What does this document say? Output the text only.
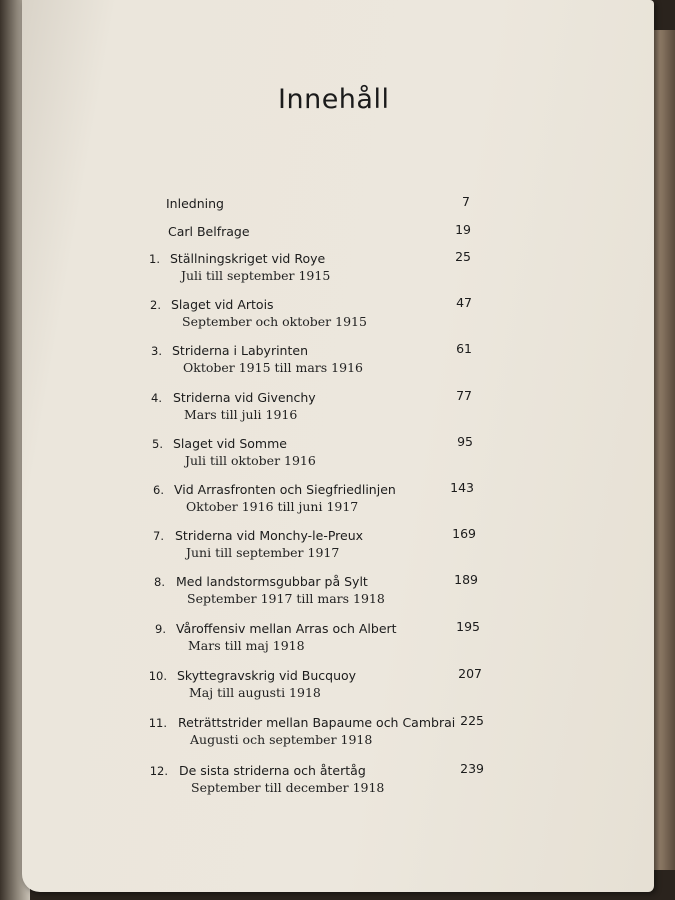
Innehåll
Inledning	7
Carl Belfrage	19
1. Ställningskriget vid Roye	25
Juli till september 1915
2. Slaget vid Artois	47
September och oktober 1915
3. Striderna i Labyrinten	61
Oktober 1915 till mars 1916
4. Striderna vid Givenchy	77
Mars till juli 1916
5. Slaget vid Somme	95
Juli till oktober 1916
6. Vid Arrasfronten och Siegfriedlinjen	143
Oktober 1916 till juni 1917
7. Striderna vid Monchy-le-Preux	169
Juni till september 1917
8. Med landstormsgubbar på Sylt	189
September 1917 till mars 1918
9. Våroffensiv mellan Arras och Albert	195
Mars till maj 1918
10. Skyttegravskrig vid Bucquoy	207
Maj till augusti 1918
11. Reträttstrider mellan Bapaume och Cambrai 225
Augusti och september 1918
12. De sista striderna och återtåg	239
September till december 1918
